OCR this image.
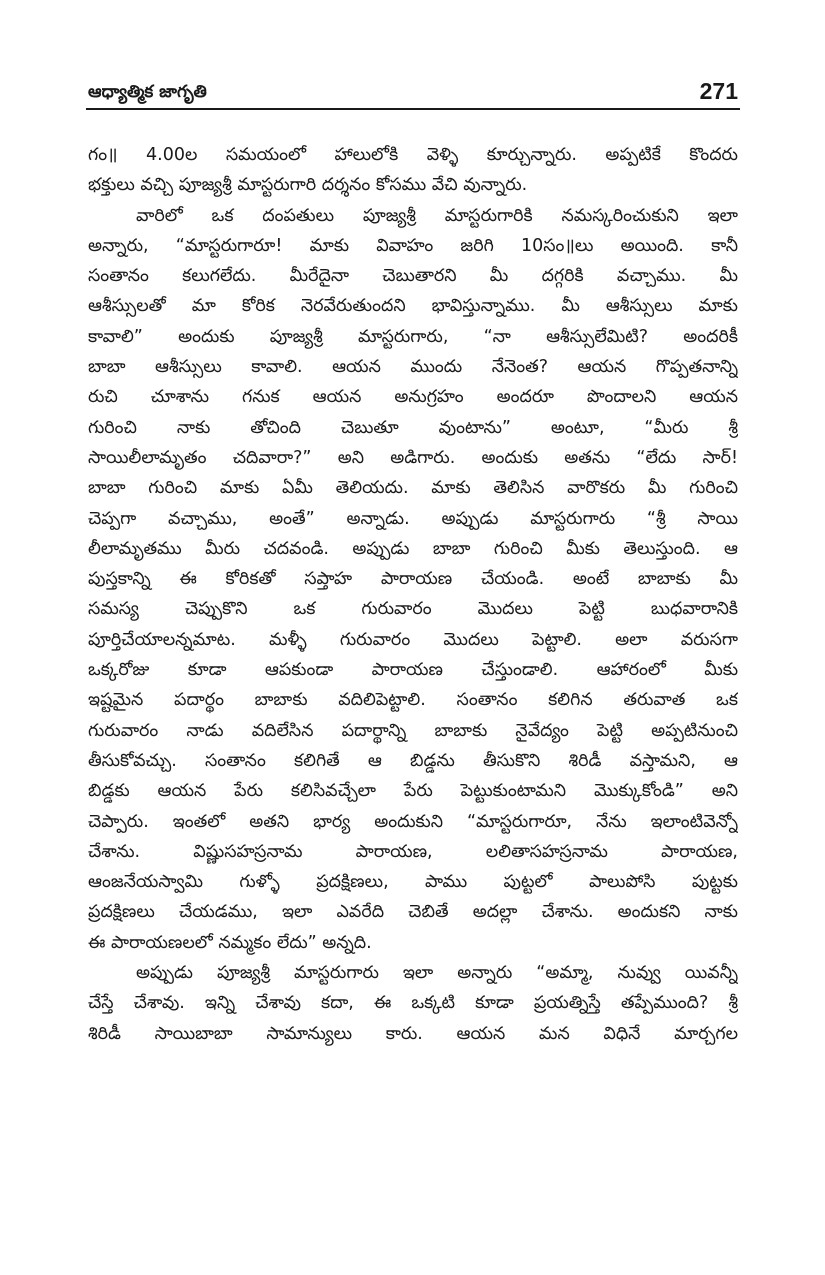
ఆధ్యాత్మిక జాగృతి	271
గం॥ 4.00ల సమయంలో హాలులోకి వెళ్ళి కూర్చున్నారు. అప్పటికే కొందరు
భక్తులు వచ్చి పూజ్యశ్రీ మాస్టరుగారి దర్శనం కోసము వేచి వున్నారు.
వారిలో ఒక దంపతులు పూజ్యశ్రీ మాస్టరుగారికి నమస్కరించుకుని ఇలా
అన్నారు, “మాస్టరుగారూ! మాకు వివాహం జరిగి 10సం॥లు అయింది. కానీ
సంతానం కలుగలేదు. మీరేదైనా చెబుతారని మీ దగ్గరికి వచ్చాము. మీ
ఆశీస్సులతో మా కోరిక నెరవేరుతుందని భావిస్తున్నాము. మీ ఆశీస్సులు మాకు
కావాలి” అందుకు పూజ్యశ్రీ మాస్టరుగారు, “నా ఆశీస్సులేమిటి? అందరికీ
బాబా ఆశీస్సులు కావాలి. ఆయన ముందు నేనెంత? ఆయన గొప్పతనాన్ని
రుచి చూశాను గనుక ఆయన అనుగ్రహం అందరూ పొందాలని ఆయన
గురించి నాకు తోచింది చెబుతూ వుంటాను” అంటూ, “మీరు శ్రీ
సాయిలీలామృతం చదివారా?” అని అడిగారు. అందుకు అతను “లేదు సార్!
బాబా గురించి మాకు ఏమీ తెలియదు. మాకు తెలిసిన వారొకరు మీ గురించి
చెప్పగా వచ్చాము, అంతే” అన్నాడు. అప్పుడు మాస్టరుగారు “శ్రీ సాయి
లీలామృతము మీరు చదవండి. అప్పుడు బాబా గురించి మీకు తెలుస్తుంది. ఆ
పుస్తకాన్ని ఈ కోరికతో సప్తాహ పారాయణ చేయండి. అంటే బాబాకు మీ
సమస్య చెప్పుకొని ఒక గురువారం మొదలు పెట్టి బుధవారానికి
పూర్తిచేయాలన్నమాట. మళ్ళీ గురువారం మొదలు పెట్టాలి. అలా వరుసగా
ఒక్కరోజు కూడా ఆపకుండా పారాయణ చేస్తుండాలి. ఆహారంలో మీకు
ఇష్టమైన పదార్థం బాబాకు వదిలిపెట్టాలి. సంతానం కలిగిన తరువాత ఒక
గురువారం నాడు వదిలేసిన పదార్థాన్ని బాబాకు నైవేద్యం పెట్టి అప్పటినుంచి
తీసుకోవచ్చు. సంతానం కలిగితే ఆ బిడ్డను తీసుకొని శిరిడీ వస్తామని, ఆ
బిడ్డకు ఆయన పేరు కలిసివచ్చేలా పేరు పెట్టుకుంటామని మొక్కుకోండి” అని
చెప్పారు. ఇంతలో అతని భార్య అందుకుని “మాస్టరుగారూ, నేను ఇలాంటివెన్నో
చేశాను. విష్ణుసహస్రనామ పారాయణ, లలితాసహస్రనామ పారాయణ,
ఆంజనేయస్వామి గుళ్ళో ప్రదక్షిణలు, పాము పుట్టలో పాలుపోసి పుట్టకు
ప్రదక్షిణలు చేయడము, ఇలా ఎవరేది చెబితే అదల్లా చేశాను. అందుకని నాకు
ఈ పారాయణలలో నమ్మకం లేదు” అన్నది.
అప్పుడు పూజ్యశ్రీ మాస్టరుగారు ఇలా అన్నారు “అమ్మా, నువ్వు యివన్నీ
చేస్తే చేశావు. ఇన్ని చేశావు కదా, ఈ ఒక్కటి కూడా ప్రయత్నిస్తే తప్పేముంది? శ్రీ
శిరిడీ సాయిబాబా సామాన్యులు కారు. ఆయన మన విధినే మార్చగల
